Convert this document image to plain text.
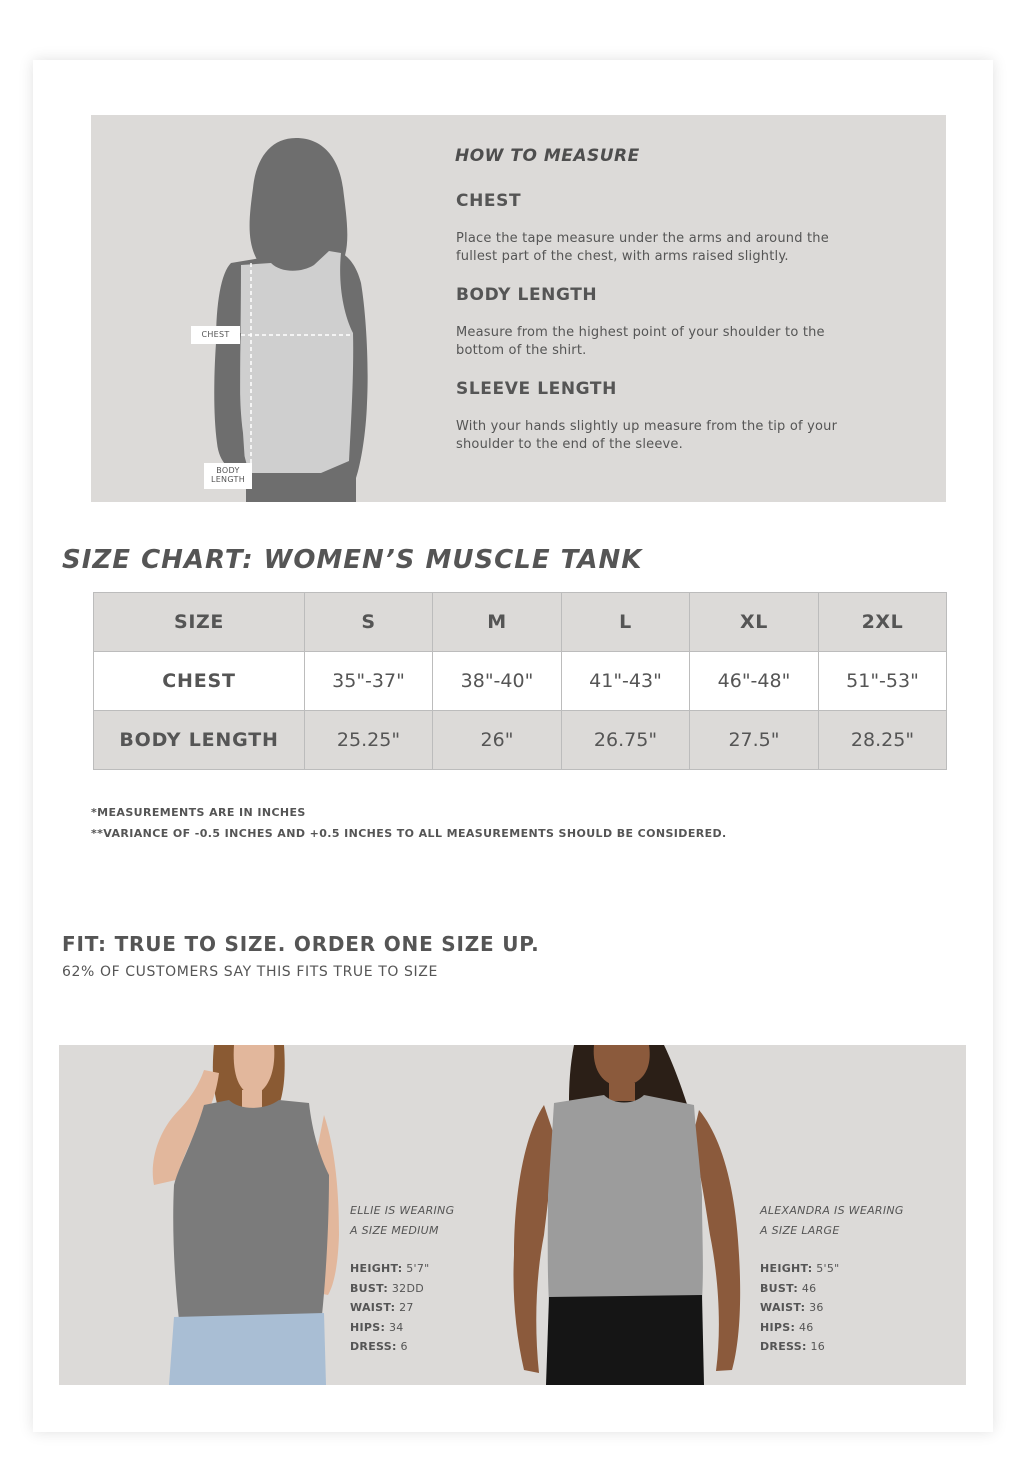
CHEST
BODY
LENGTH
HOW TO MEASURE
CHEST
Place the tape measure under the arms and around the fullest part of the chest, with arms raised slightly.
BODY LENGTH
Measure from the highest point of your shoulder to the bottom of the shirt.
SLEEVE LENGTH
With your hands slightly up measure from the tip of your shoulder to the end of the sleeve.
SIZE CHART: WOMEN’S MUSCLE TANK
SIZE	S	M	L	XL	2XL
CHEST	35"-37"	38"-40"	41"-43"	46"-48"	51"-53"
BODY LENGTH	25.25"	26"	26.75"	27.5"	28.25"
*MEASUREMENTS ARE IN INCHES
**VARIANCE OF -0.5 INCHES AND +0.5 INCHES TO ALL MEASUREMENTS SHOULD BE CONSIDERED.
FIT: TRUE TO SIZE. ORDER ONE SIZE UP.
62% OF CUSTOMERS SAY THIS FITS TRUE TO SIZE
ELLIE IS WEARING
A SIZE MEDIUM
HEIGHT: 5'7"
BUST: 32DD
WAIST: 27
HIPS: 34
DRESS: 6
ALEXANDRA IS WEARING
A SIZE LARGE
HEIGHT: 5'5"
BUST: 46
WAIST: 36
HIPS: 46
DRESS: 16
